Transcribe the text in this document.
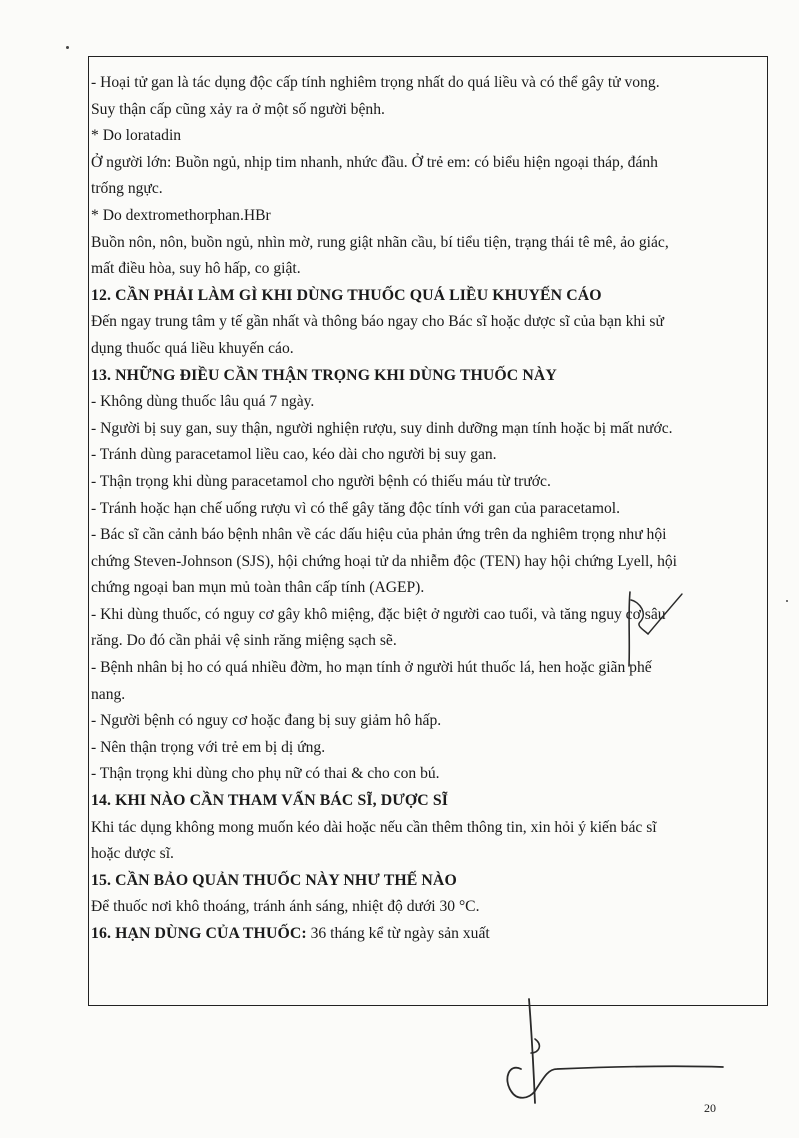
- Hoại tử gan là tác dụng độc cấp tính nghiêm trọng nhất do quá liều và có thể gây tử vong.

Suy thận cấp cũng xảy ra ở một số người bệnh.

* Do loratadin

Ở người lớn: Buồn ngủ, nhịp tim nhanh, nhức đầu. Ở trẻ em: có biểu hiện ngoại tháp, đánh

trống ngực.

* Do dextromethorphan.HBr

Buồn nôn, nôn, buồn ngủ, nhìn mờ, rung giật nhãn cầu, bí tiểu tiện, trạng thái tê mê, ảo giác,

mất điều hòa, suy hô hấp, co giật.

12. CẦN PHẢI LÀM GÌ KHI DÙNG THUỐC QUÁ LIỀU KHUYẾN CÁO

Đến ngay trung tâm y tế gần nhất và thông báo ngay cho Bác sĩ hoặc dược sĩ của bạn khi sử

dụng thuốc quá liều khuyến cáo.

13. NHỮNG ĐIỀU CẦN THẬN TRỌNG KHI DÙNG THUỐC NÀY

- Không dùng thuốc lâu quá 7 ngày.

- Người bị suy gan, suy thận, người nghiện rượu, suy dinh dưỡng mạn tính hoặc bị mất nước.

- Tránh dùng paracetamol liều cao, kéo dài cho người bị suy gan.

- Thận trọng khi dùng paracetamol cho người bệnh có thiếu máu từ trước.

- Tránh hoặc hạn chế uống rượu vì có thể gây tăng độc tính với gan của paracetamol.

- Bác sĩ cần cảnh báo bệnh nhân về các dấu hiệu của phản ứng trên da nghiêm trọng như hội

chứng Steven-Johnson (SJS), hội chứng hoại tử da nhiễm độc (TEN) hay hội chứng Lyell, hội

chứng ngoại ban mụn mủ toàn thân cấp tính (AGEP).

- Khi dùng thuốc, có nguy cơ gây khô miệng, đặc biệt ở người cao tuổi, và tăng nguy cơ sâu

răng. Do đó cần phải vệ sinh răng miệng sạch sẽ.

- Bệnh nhân bị ho có quá nhiều đờm, ho mạn tính ở người hút thuốc lá, hen hoặc giãn phế

nang.

- Người bệnh có nguy cơ hoặc đang bị suy giảm hô hấp.

- Nên thận trọng với trẻ em bị dị ứng.

- Thận trọng khi dùng cho phụ nữ có thai & cho con bú.

14. KHI NÀO CẦN THAM VẤN BÁC SĨ, DƯỢC SĨ

Khi tác dụng không mong muốn kéo dài hoặc nếu cần thêm thông tin, xin hỏi ý kiến bác sĩ

hoặc dược sĩ.

15. CẦN BẢO QUẢN THUỐC NÀY NHƯ THẾ NÀO

Để thuốc nơi khô thoáng, tránh ánh sáng, nhiệt độ dưới 30 °C.

16. HẠN DÙNG CỦA THUỐC: 36 tháng kể từ ngày sản xuất

20
